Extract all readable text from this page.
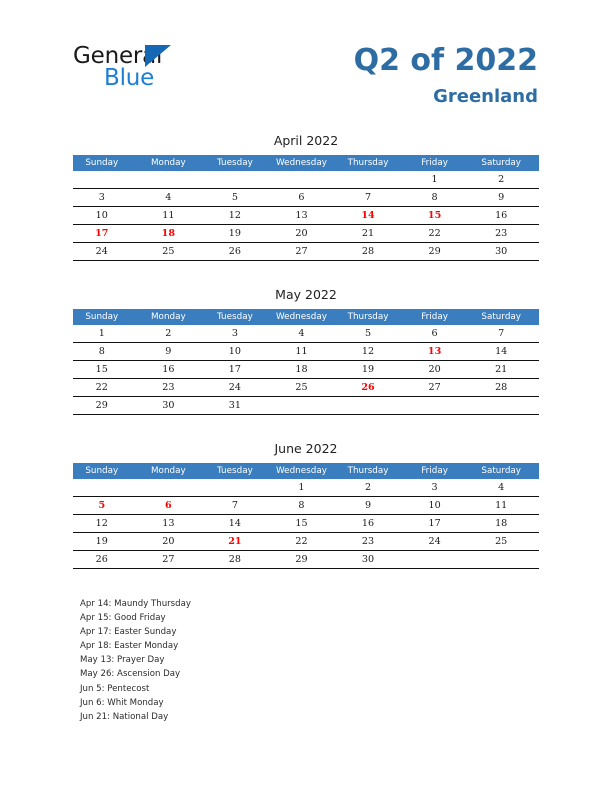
General
Blue	Q2 of 2022
Greenland
April 2022
Sunday	Monday	Tuesday	Wednesday	Thursday	Friday	Saturday
					1	2
3	4	5	6	7	8	9
10	11	12	13	14	15	16
17	18	19	20	21	22	23
24	25	26	27	28	29	30
May 2022
Sunday	Monday	Tuesday	Wednesday	Thursday	Friday	Saturday
1	2	3	4	5	6	7
8	9	10	11	12	13	14
15	16	17	18	19	20	21
22	23	24	25	26	27	28
29	30	31				
June 2022
Sunday	Monday	Tuesday	Wednesday	Thursday	Friday	Saturday
			1	2	3	4
5	6	7	8	9	10	11
12	13	14	15	16	17	18
19	20	21	22	23	24	25
26	27	28	29	30		
Apr 14: Maundy Thursday
Apr 15: Good Friday
Apr 17: Easter Sunday
Apr 18: Easter Monday
May 13: Prayer Day
May 26: Ascension Day
Jun 5: Pentecost
Jun 6: Whit Monday
Jun 21: National Day
